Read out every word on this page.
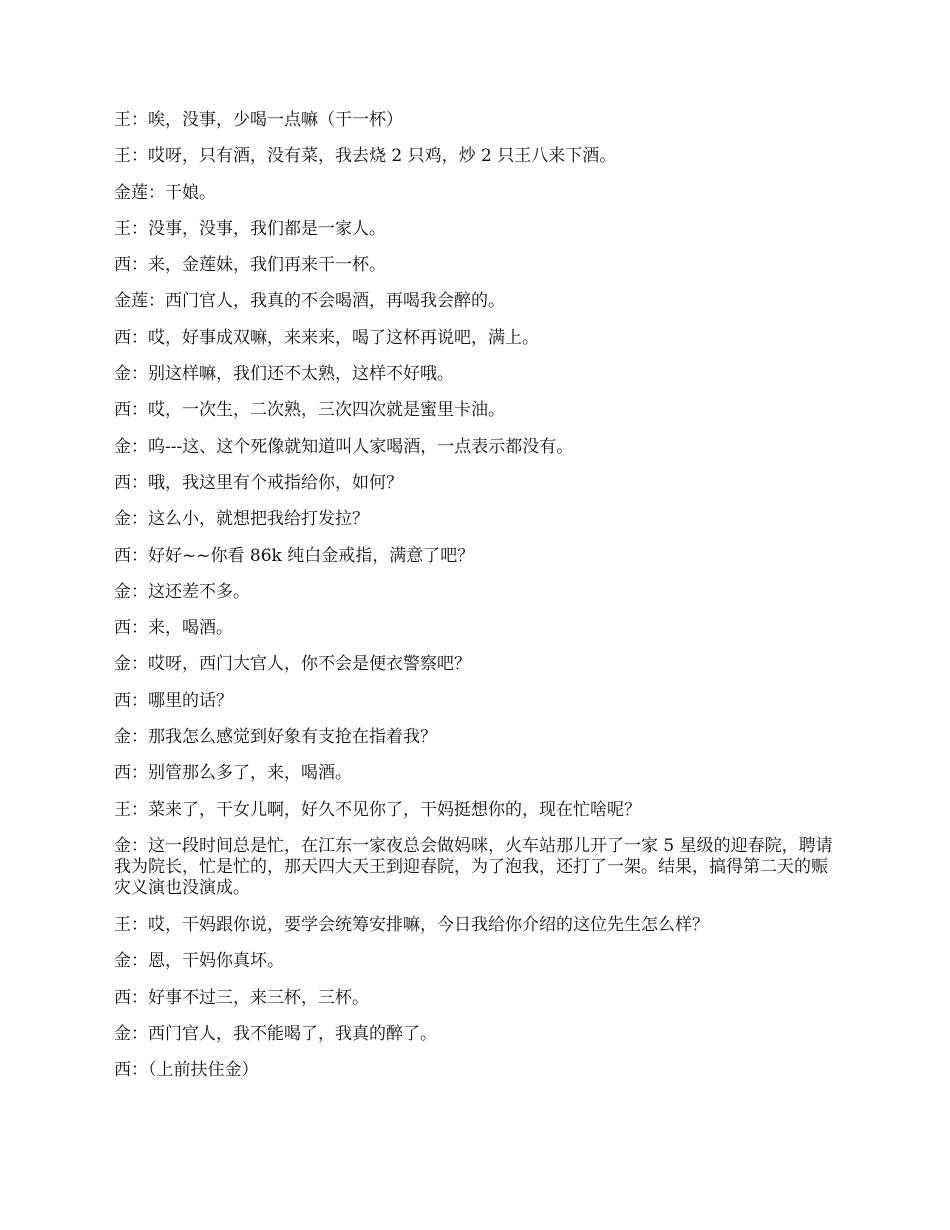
王：唉，没事，少喝一点嘛（干一杯）

王：哎呀，只有酒，没有菜，我去烧 2 只鸡，炒 2 只王八来下酒。

金莲：干娘。

王：没事，没事，我们都是一家人。

西：来，金莲妹，我们再来干一杯。

金莲：西门官人，我真的不会喝酒，再喝我会醉的。

西：哎，好事成双嘛，来来来，喝了这杯再说吧，满上。

金：别这样嘛，我们还不太熟，这样不好哦。

西：哎，一次生，二次熟，三次四次就是蜜里卡油。

金：呜---这、这个死像就知道叫人家喝酒，一点表示都没有。

西：哦，我这里有个戒指给你，如何？

金：这么小，就想把我给打发拉？

西：好好~~你看 86k 纯白金戒指，满意了吧？

金：这还差不多。

西：来，喝酒。

金：哎呀，西门大官人，你不会是便衣警察吧？

西：哪里的话？

金：那我怎么感觉到好象有支抢在指着我？

西：别管那么多了，来，喝酒。

王：菜来了，干女儿啊，好久不见你了，干妈挺想你的，现在忙啥呢？

金：这一段时间总是忙，在江东一家夜总会做妈咪，火车站那儿开了一家 5 星级的迎春院，聘请我为院长，忙是忙的，那天四大天王到迎春院，为了泡我，还打了一架。结果，搞得第二天的赈灾义演也没演成。

王：哎，干妈跟你说，要学会统筹安排嘛，今日我给你介绍的这位先生怎么样？

金：恩，干妈你真坏。

西：好事不过三，来三杯，三杯。

金：西门官人，我不能喝了，我真的醉了。

西：（上前扶住金）
